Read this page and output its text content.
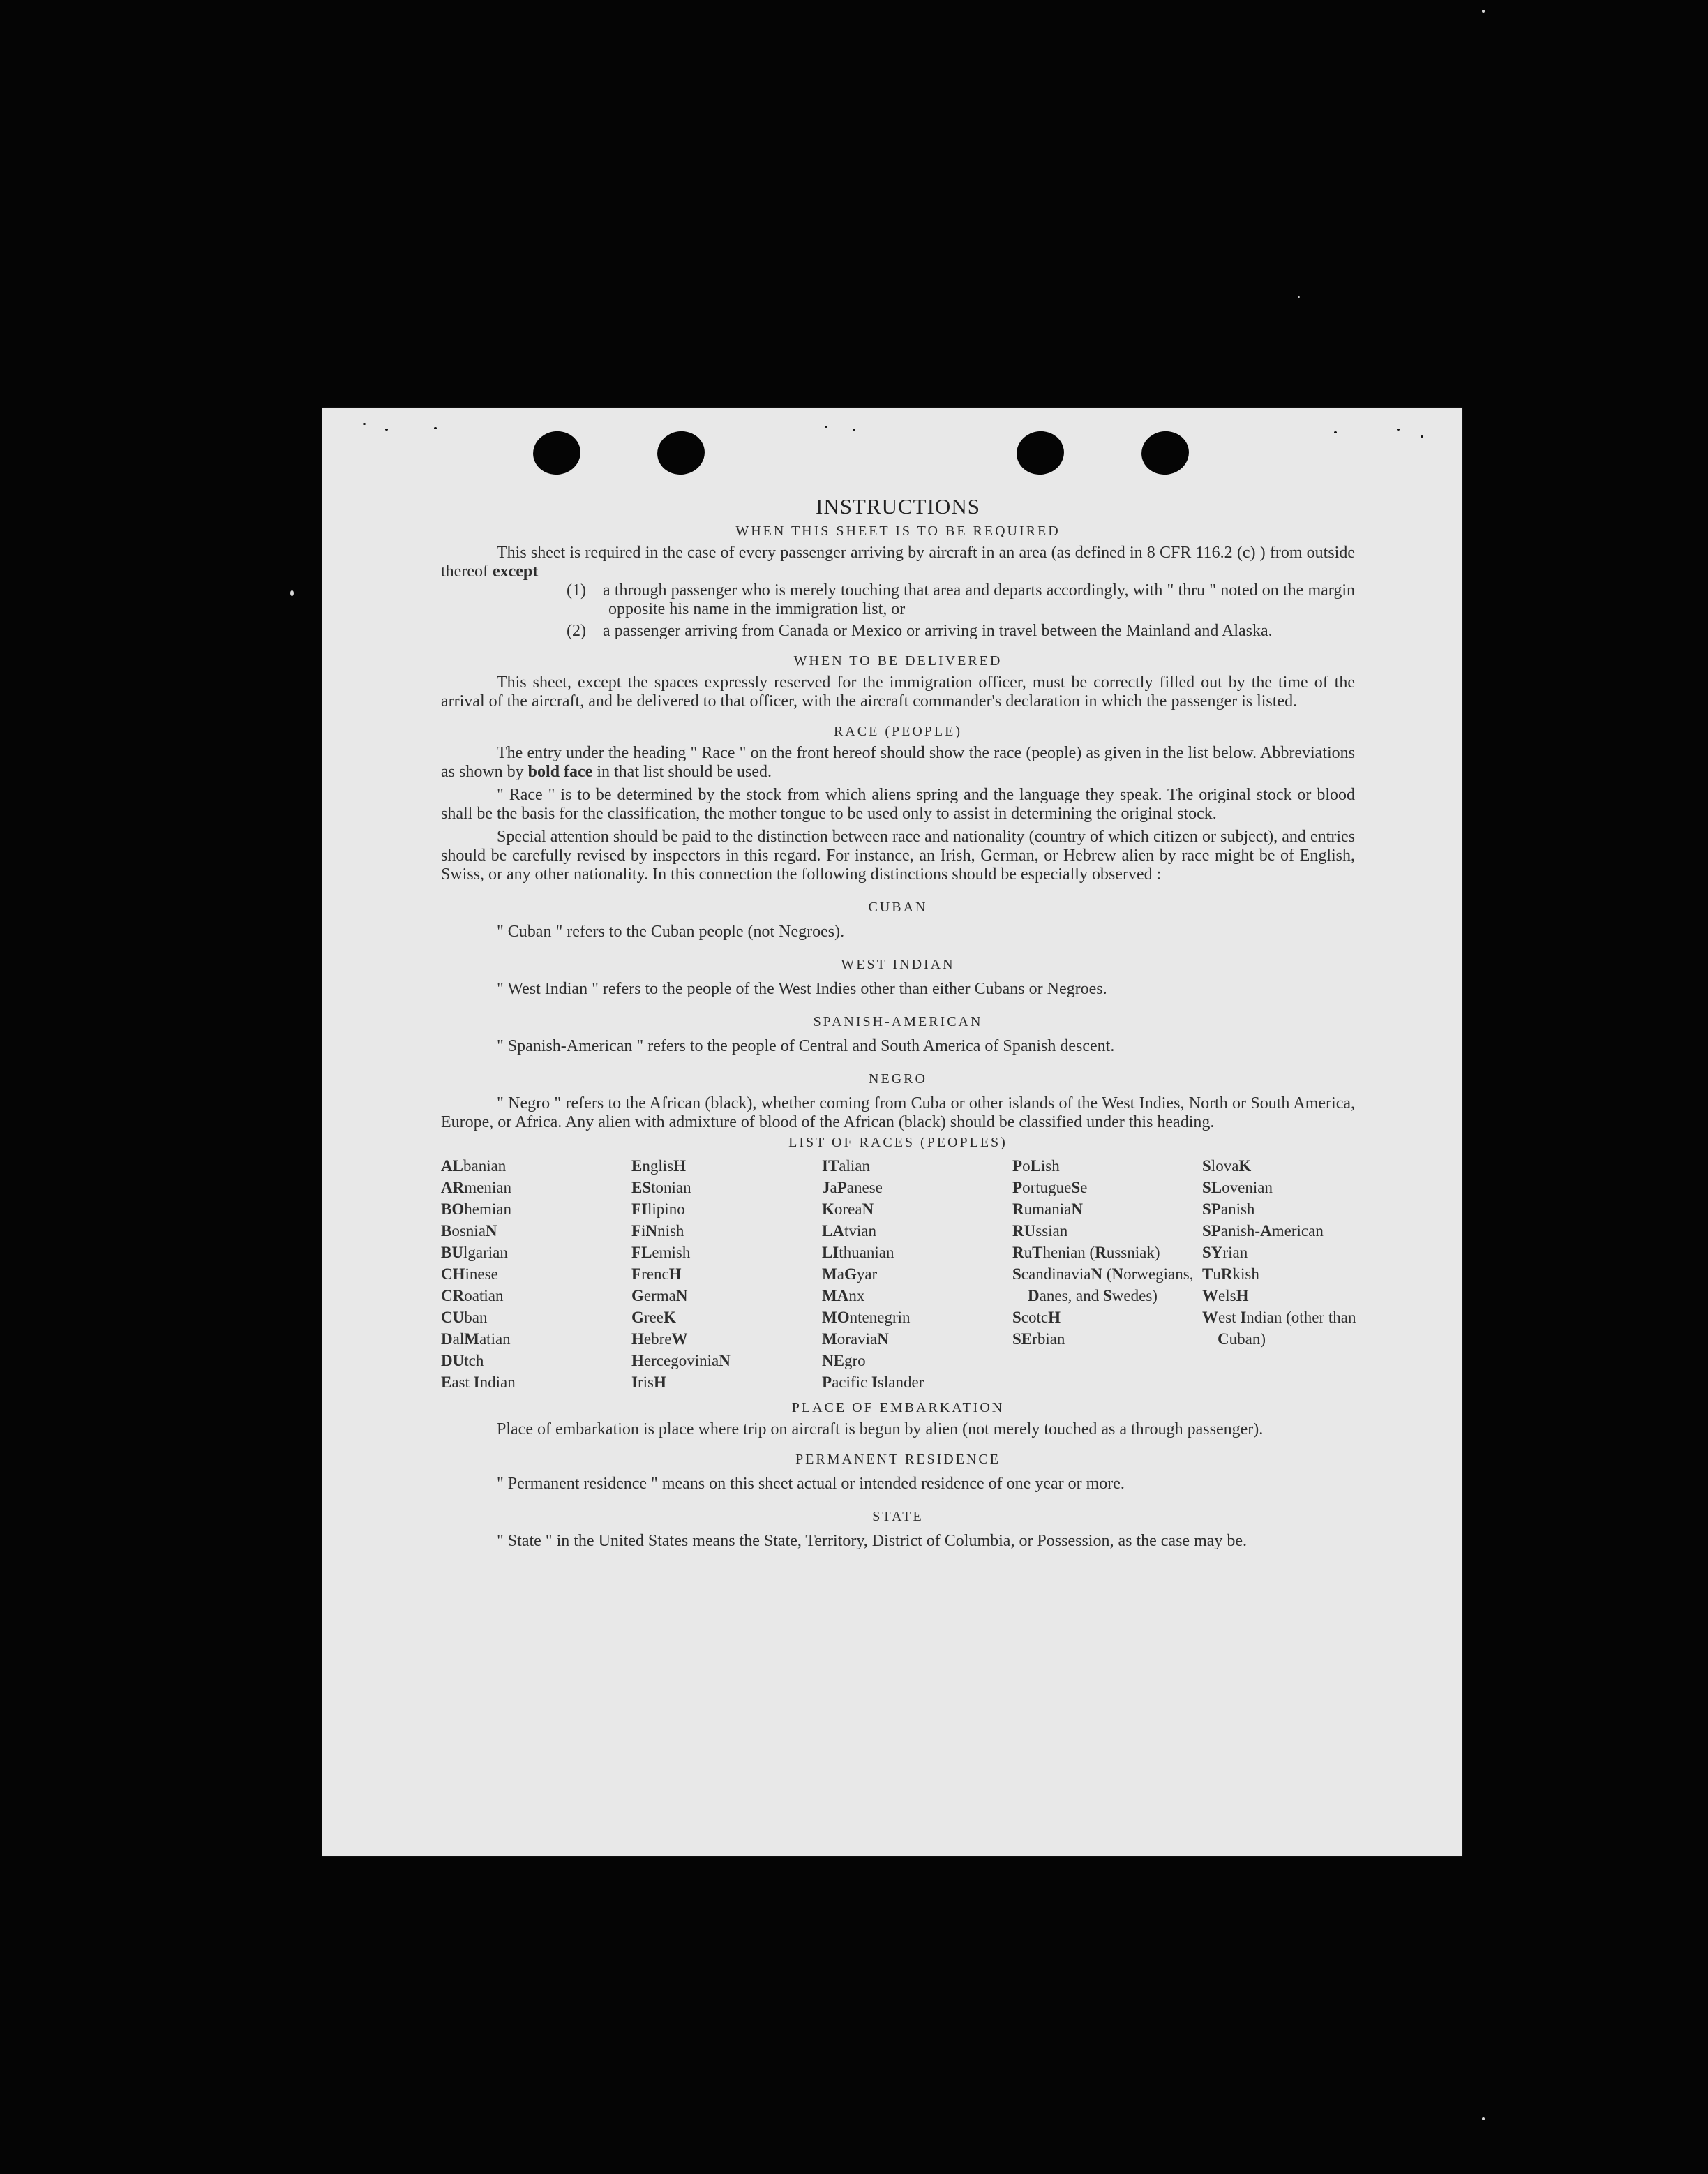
INSTRUCTIONS
WHEN THIS SHEET IS TO BE REQUIRED

This sheet is required in the case of every passenger arriving by aircraft in an area (as defined in 8 CFR 116.2 (c) ) from outside thereof except

(1) a through passenger who is merely touching that area and departs accordingly, with " thru " noted on the margin opposite his name in the immigration list, or

(2) a passenger arriving from Canada or Mexico or arriving in travel between the Mainland and Alaska.

WHEN TO BE DELIVERED

This sheet, except the spaces expressly reserved for the immigration officer, must be correctly filled out by the time of the arrival of the aircraft, and be delivered to that officer, with the aircraft commander's declaration in which the passenger is listed.

RACE (PEOPLE)

The entry under the heading " Race " on the front hereof should show the race (people) as given in the list below. Abbreviations as shown by bold face in that list should be used.

" Race " is to be determined by the stock from which aliens spring and the language they speak. The original stock or blood shall be the basis for the classification, the mother tongue to be used only to assist in determining the original stock.

Special attention should be paid to the distinction between race and nationality (country of which citizen or subject), and entries should be carefully revised by inspectors in this regard. For instance, an Irish, German, or Hebrew alien by race might be of English, Swiss, or any other nationality. In this connection the following distinctions should be especially observed :

CUBAN

" Cuban " refers to the Cuban people (not Negroes).

WEST INDIAN

" West Indian " refers to the people of the West Indies other than either Cubans or Negroes.

SPANISH-AMERICAN

" Spanish-American " refers to the people of Central and South America of Spanish descent.

NEGRO

" Negro " refers to the African (black), whether coming from Cuba or other islands of the West Indies, North or South America, Europe, or Africa. Any alien with admixture of blood of the African (black) should be classified under this heading.

LIST OF RACES (PEOPLES)
ALbanian
ARmenian
BOhemian
BosniaN
BUlgarian
CHinese
CRoatian
CUban
DalMatian
DUtch
East Indian
EnglisH
EStonian
FIlipino
FiNnish
FLemish
FrencH
GermaN
GreeK
HebreW
HercegoviniaN
IrisH
ITalian
JaPanese
KoreaN
LAtvian
LIthuanian
MaGyar
MAnx
MOntenegrin
MoraviaN
NEgro
Pacific Islander
PoLish
PortugueSe
RumaniaN
RUssian
RuThenian (Russniak)
ScandinaviaN (Norwegians, Danes, and Swedes)
ScotcH
SErbian
SlovaK
SLovenian
SPanish
SPanish-American
SYrian
TuRkish
WelsH
West Indian (other than Cuban)
PLACE OF EMBARKATION

Place of embarkation is place where trip on aircraft is begun by alien (not merely touched as a through passenger).

PERMANENT RESIDENCE

" Permanent residence " means on this sheet actual or intended residence of one year or more.

STATE

" State " in the United States means the State, Territory, District of Columbia, or Possession, as the case may be.
